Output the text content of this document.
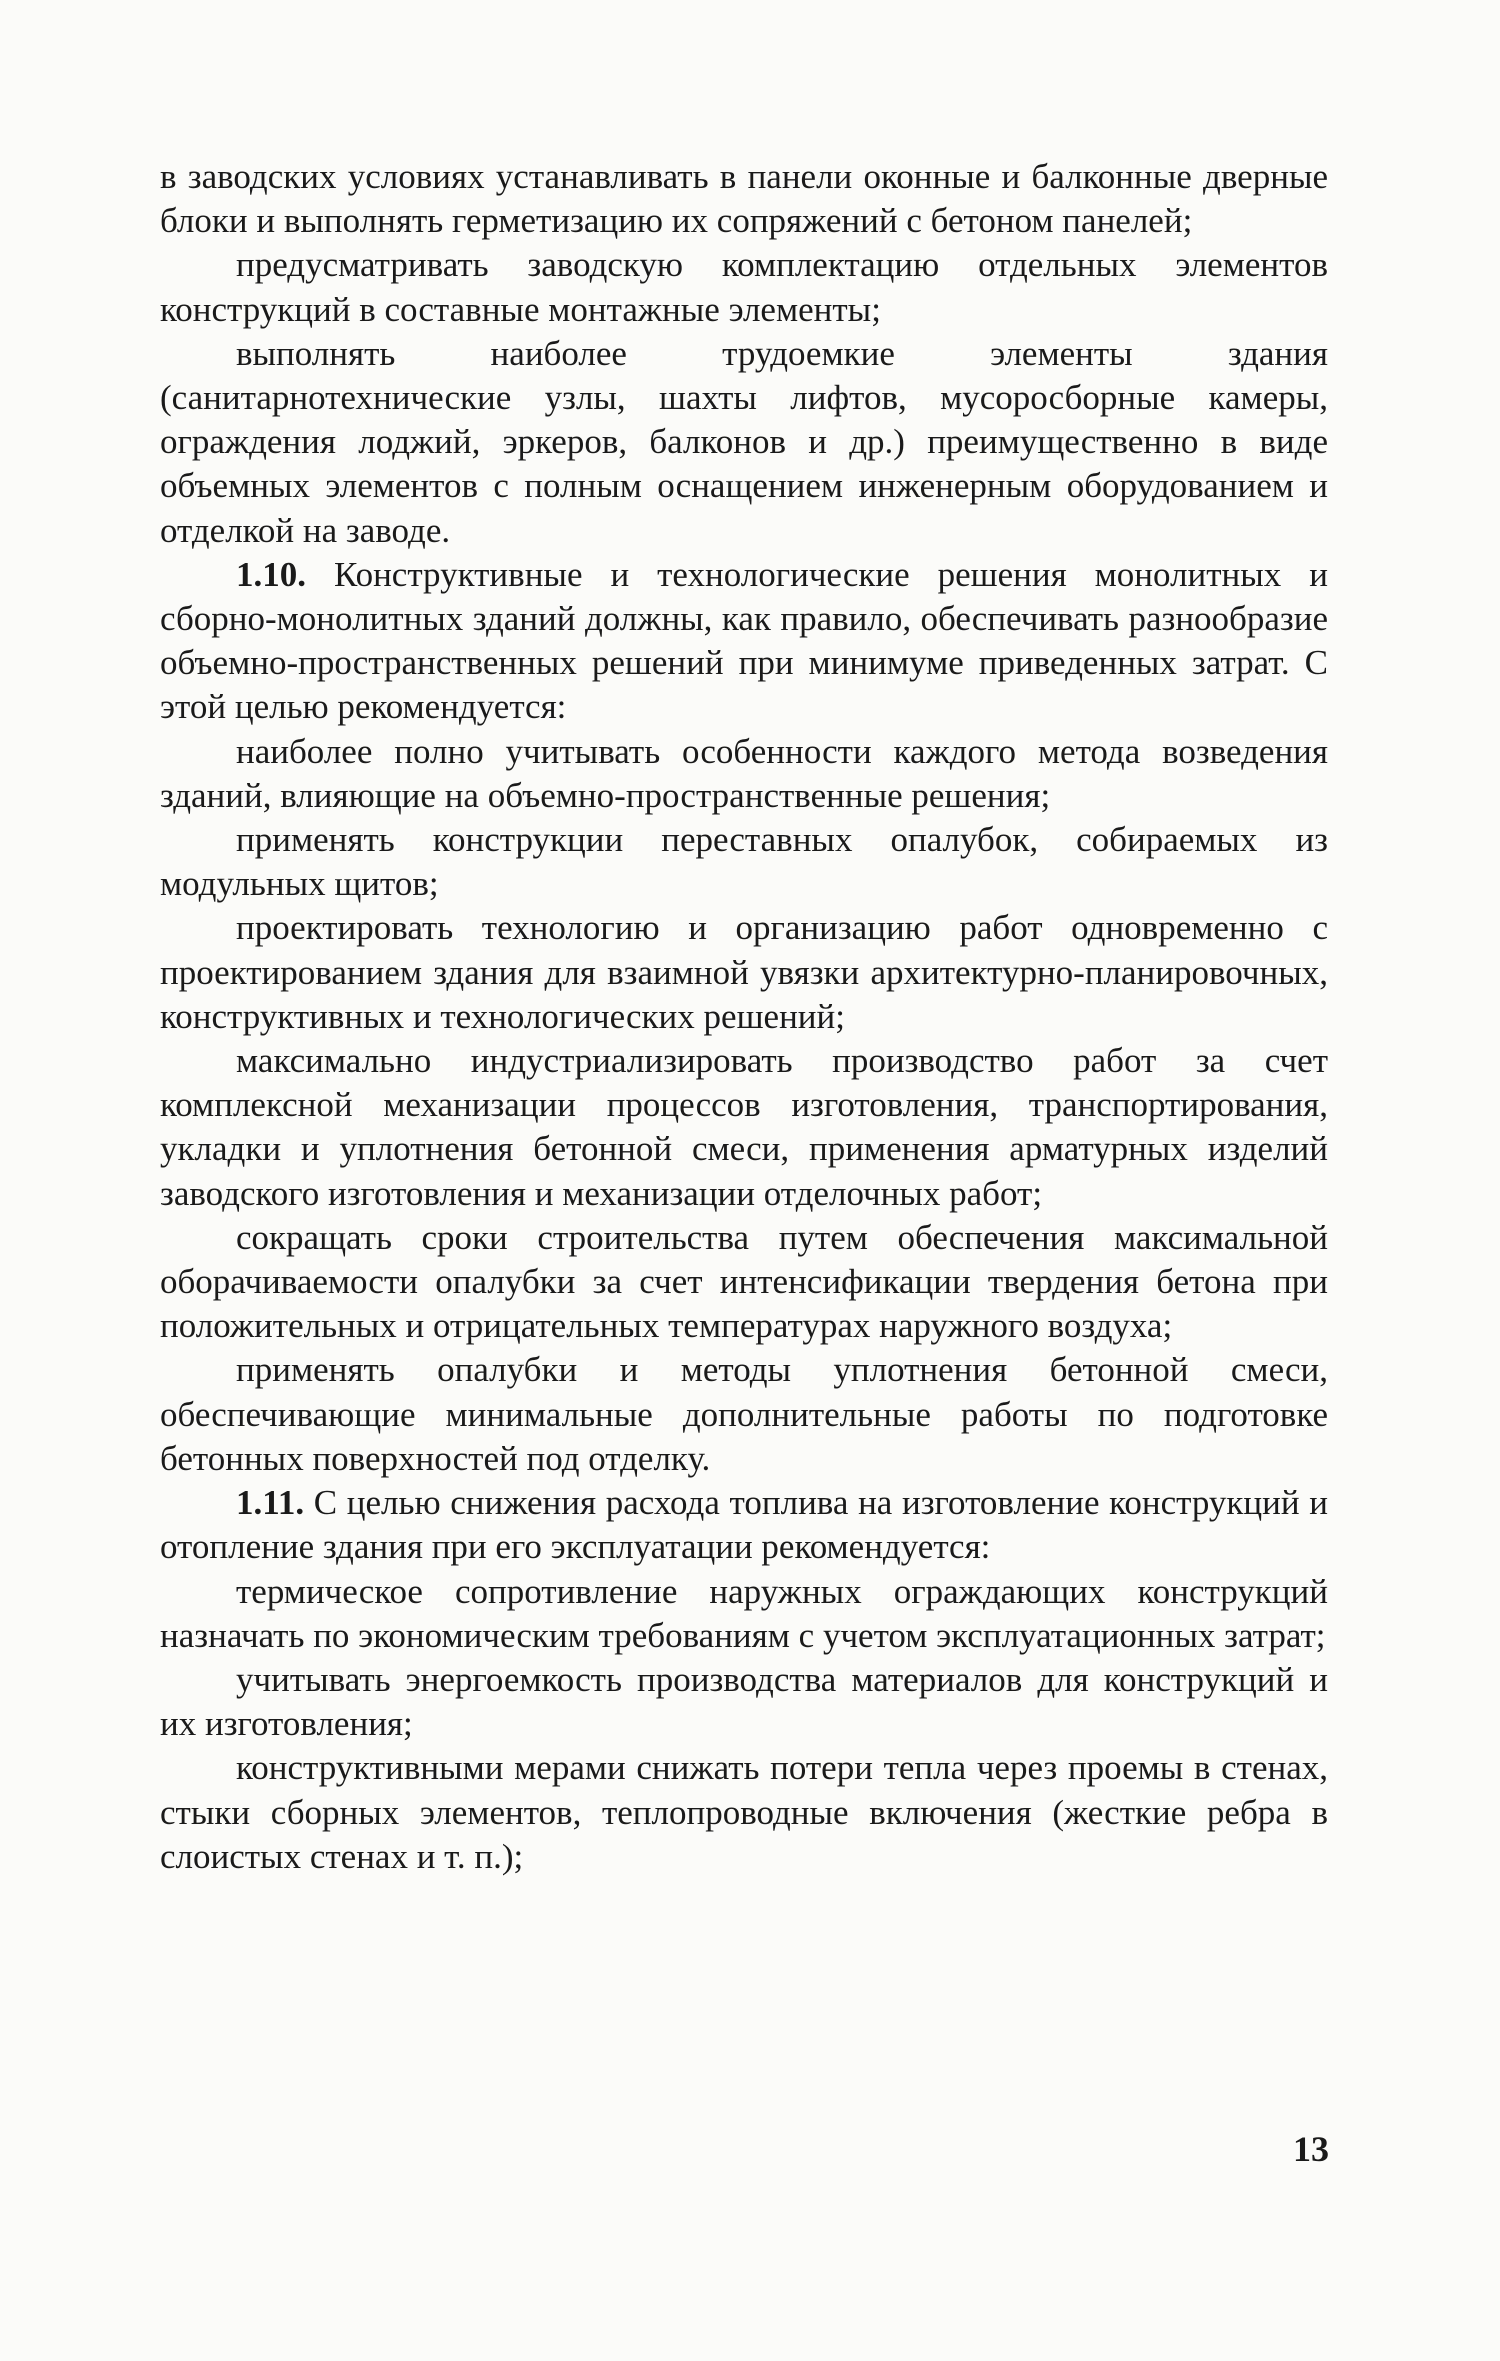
в заводских условиях устанавливать в панели оконные и балконные дверные блоки и выполнять герметизацию их сопряжений с бетоном панелей;

предусматривать заводскую комплектацию отдельных элементов конструкций в составные монтажные элементы;

выполнять наиболее трудоемкие элементы здания (санитарнотехнические узлы, шахты лифтов, мусоросборные камеры, ограждения лоджий, эркеров, балконов и др.) преимущественно в виде объемных элементов с полным оснащением инженерным оборудованием и отделкой на заводе.

1.10. Конструктивные и технологические решения монолитных и сборно-монолитных зданий должны, как правило, обеспечивать разнообразие объемно-пространственных решений при минимуме приведенных затрат. С этой целью рекомендуется:

наиболее полно учитывать особенности каждого метода возведения зданий, влияющие на объемно-пространственные решения;

применять конструкции переставных опалубок, собираемых из модульных щитов;

проектировать технологию и организацию работ одновременно с проектированием здания для взаимной увязки архитектурно-планировочных, конструктивных и технологических решений;

максимально индустриализировать производство работ за счет комплексной механизации процессов изготовления, транспортирования, укладки и уплотнения бетонной смеси, применения арматурных изделий заводского изготовления и механизации отделочных работ;

сокращать сроки строительства путем обеспечения максимальной оборачиваемости опалубки за счет интенсификации твердения бетона при положительных и отрицательных температурах наружного воздуха;

применять опалубки и методы уплотнения бетонной смеси, обеспечивающие минимальные дополнительные работы по подготовке бетонных поверхностей под отделку.

1.11. С целью снижения расхода топлива на изготовление конструкций и отопление здания при его эксплуатации рекомендуется:

термическое сопротивление наружных ограждающих конструкций назначать по экономическим требованиям с учетом эксплуатационных затрат;

учитывать энергоемкость производства материалов для конструкций и их изготовления;

конструктивными мерами снижать потери тепла через проемы в стенах, стыки сборных элементов, теплопроводные включения (жесткие ребра в слоистых стенах и т. п.);

13
